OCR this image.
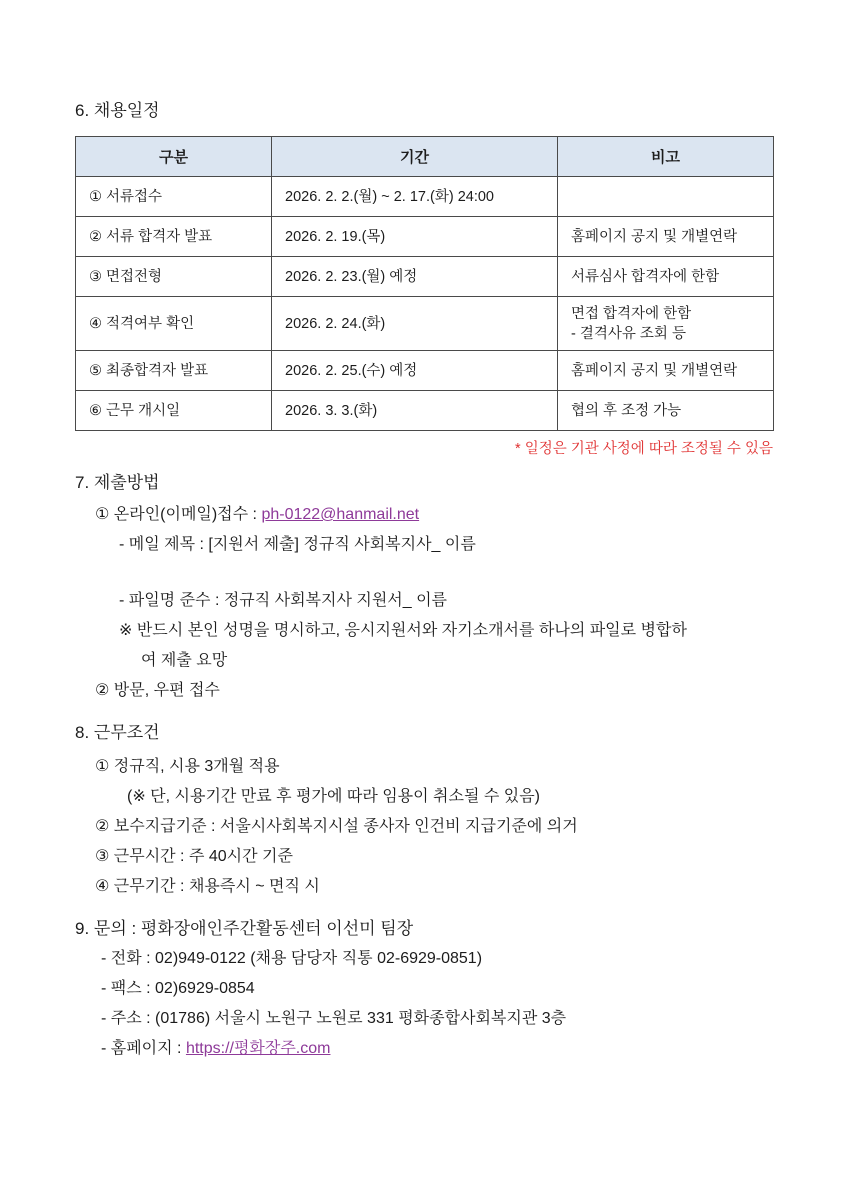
6. 채용일정
구분	기간	비고
① 서류접수	2026. 2. 2.(월) ~ 2. 17.(화) 24:00	
② 서류 합격자 발표	2026. 2. 19.(목)	홈페이지 공지 및 개별연락
③ 면접전형	2026. 2. 23.(월) 예정	서류심사 합격자에 한함
④ 적격여부 확인	2026. 2. 24.(화)	면접 합격자에 한함
- 결격사유 조회 등

⑤ 최종합격자 발표	2026. 2. 25.(수) 예정	홈페이지 공지 및 개별연락
⑥ 근무 개시일	2026. 3. 3.(화)	협의 후 조정 가능
* 일정은 기관 사정에 따라 조정될 수 있음
7. 제출방법

① 온라인(이메일)접수 : ph-0122@hanmail.net

- 메일 제목 : [지원서 제출] 정규직 사회복지사_ 이름

- 파일명 준수 : 정규직 사회복지사 지원서_ 이름

※ 반드시 본인 성명을 명시하고, 응시지원서와 자기소개서를 하나의 파일로 병합하

여 제출 요망

② 방문, 우편 접수

8. 근무조건

① 정규직, 시용 3개월 적용

(※ 단, 시용기간 만료 후 평가에 따라 임용이 취소될 수 있음)

② 보수지급기준 : 서울시사회복지시설 종사자 인건비 지급기준에 의거

③ 근무시간 : 주 40시간 기준

④ 근무기간 : 채용즉시 ~ 면직 시

9. 문의 : 평화장애인주간활동센터 이선미 팀장

- 전화 : 02)949-0122 (채용 담당자 직통 02-6929-0851)

- 팩스 : 02)6929-0854

- 주소 : (01786) 서울시 노원구 노원로 331 평화종합사회복지관 3층

- 홈페이지 : https://평화장주.com
